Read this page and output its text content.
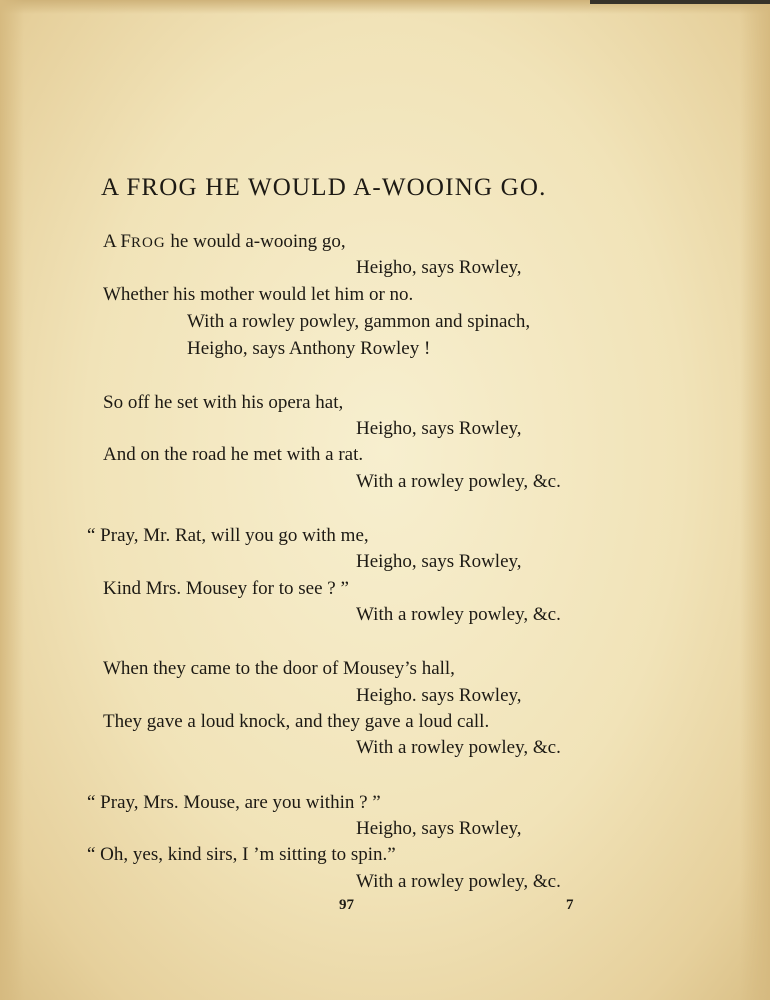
A FROG HE WOULD A-WOOING GO.
A FROG he would a-wooing go,
Heigho, says Rowley,
Whether his mother would let him or no.
With a rowley powley, gammon and spinach,
Heigho, says Anthony Rowley !
So off he set with his opera hat,
Heigho, says Rowley,
And on the road he met with a rat.
With a rowley powley, &c.
“ Pray, Mr. Rat, will you go with me,
Heigho, says Rowley,
Kind Mrs. Mousey for to see ? ”
With a rowley powley, &c.
When they came to the door of Mousey’s hall,
Heigho. says Rowley,
They gave a loud knock, and they gave a loud call.
With a rowley powley, &c.
“ Pray, Mrs. Mouse, are you within ? ”
Heigho, says Rowley,
“ Oh, yes, kind sirs, I ’m sitting to spin.”
With a rowley powley, &c.
97	7
